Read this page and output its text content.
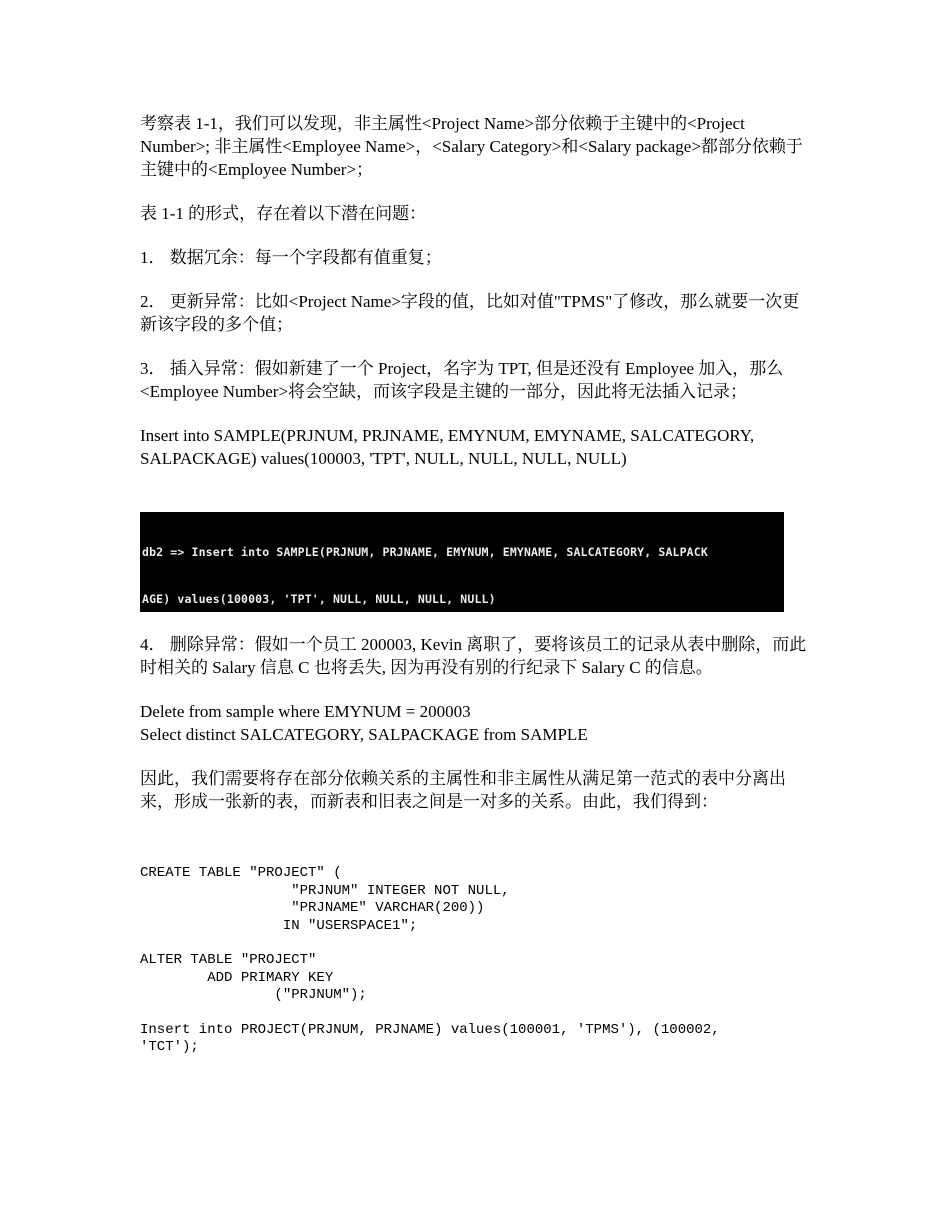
考察表 1-1，我们可以发现，非主属性<Project Name>部分依赖于主键中的<Project Number>; 非主属性<Employee Name>，<Salary Category>和<Salary package>都部分依赖于主键中的<Employee Number>；

表 1-1 的形式，存在着以下潜在问题：

1． 数据冗余：每一个字段都有值重复；

2． 更新异常：比如<Project Name>字段的值，比如对值"TPMS"了修改，那么就要一次更新该字段的多个值；

3． 插入异常：假如新建了一个 Project，名字为 TPT, 但是还没有 Employee 加入，那么<Employee Number>将会空缺，而该字段是主键的一部分，因此将无法插入记录；

Insert into SAMPLE(PRJNUM, PRJNAME, EMYNUM, EMYNAME, SALCATEGORY, SALPACKAGE) values(100003, 'TPT', NULL, NULL, NULL, NULL)

db2 => Insert into SAMPLE(PRJNUM, PRJNAME, EMYNUM, EMYNAME, SALCATEGORY, SALPACK

AGE) values(100003, 'TPT', NULL, NULL, NULL, NULL)

4． 删除异常：假如一个员工 200003, Kevin 离职了，要将该员工的记录从表中删除，而此时相关的 Salary 信息 C 也将丢失, 因为再没有别的行纪录下 Salary C 的信息。

Delete from sample where EMYNUM = 200003

Select distinct SALCATEGORY, SALPACKAGE from SAMPLE

因此，我们需要将存在部分依赖关系的主属性和非主属性从满足第一范式的表中分离出来，形成一张新的表，而新表和旧表之间是一对多的关系。由此，我们得到：

CREATE TABLE "PROJECT" (
"PRJNUM" INTEGER NOT NULL,
"PRJNAME" VARCHAR(200))
IN "USERSPACE1";
ALTER TABLE "PROJECT"
ADD PRIMARY KEY
("PRJNUM");
Insert into PROJECT(PRJNUM, PRJNAME) values(100001, 'TPMS'), (100002,
'TCT');
